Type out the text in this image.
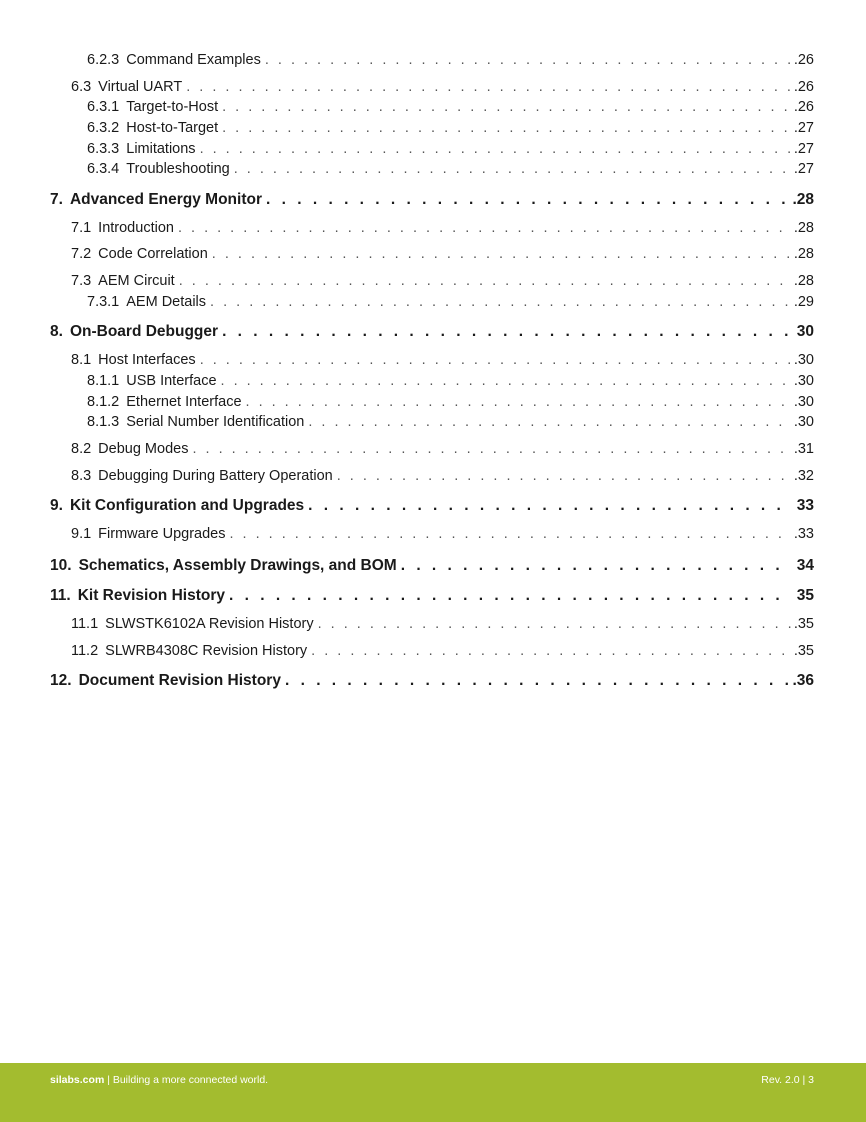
6.2.3 Command Examples . . .	.26
6.3 Virtual UART . . .	.26
6.3.1 Target-to-Host . . .	.26
6.3.2 Host-to-Target . . .	.27
6.3.3 Limitations . . .	.27
6.3.4 Troubleshooting . . .	.27
7. Advanced Energy Monitor . . .	.28
7.1 Introduction . . .	.28
7.2 Code Correlation . . .	.28
7.3 AEM Circuit . . .	.28
7.3.1 AEM Details . . .	.29
8. On-Board Debugger . . .	30
8.1 Host Interfaces . . .	.30
8.1.1 USB Interface . . .	.30
8.1.2 Ethernet Interface . . .	.30
8.1.3 Serial Number Identification . . .	.30
8.2 Debug Modes . . .	.31
8.3 Debugging During Battery Operation . . .	.32
9. Kit Configuration and Upgrades . . .	33
9.1 Firmware Upgrades . . .	.33
10. Schematics, Assembly Drawings, and BOM . . .	34
11. Kit Revision History . . .	35
11.1 SLWSTK6102A Revision History . . .	.35
11.2 SLWRB4308C Revision History . . .	.35
12. Document Revision History . . .	.36
silabs.com | Building a more connected world.	Rev. 2.0 | 3
